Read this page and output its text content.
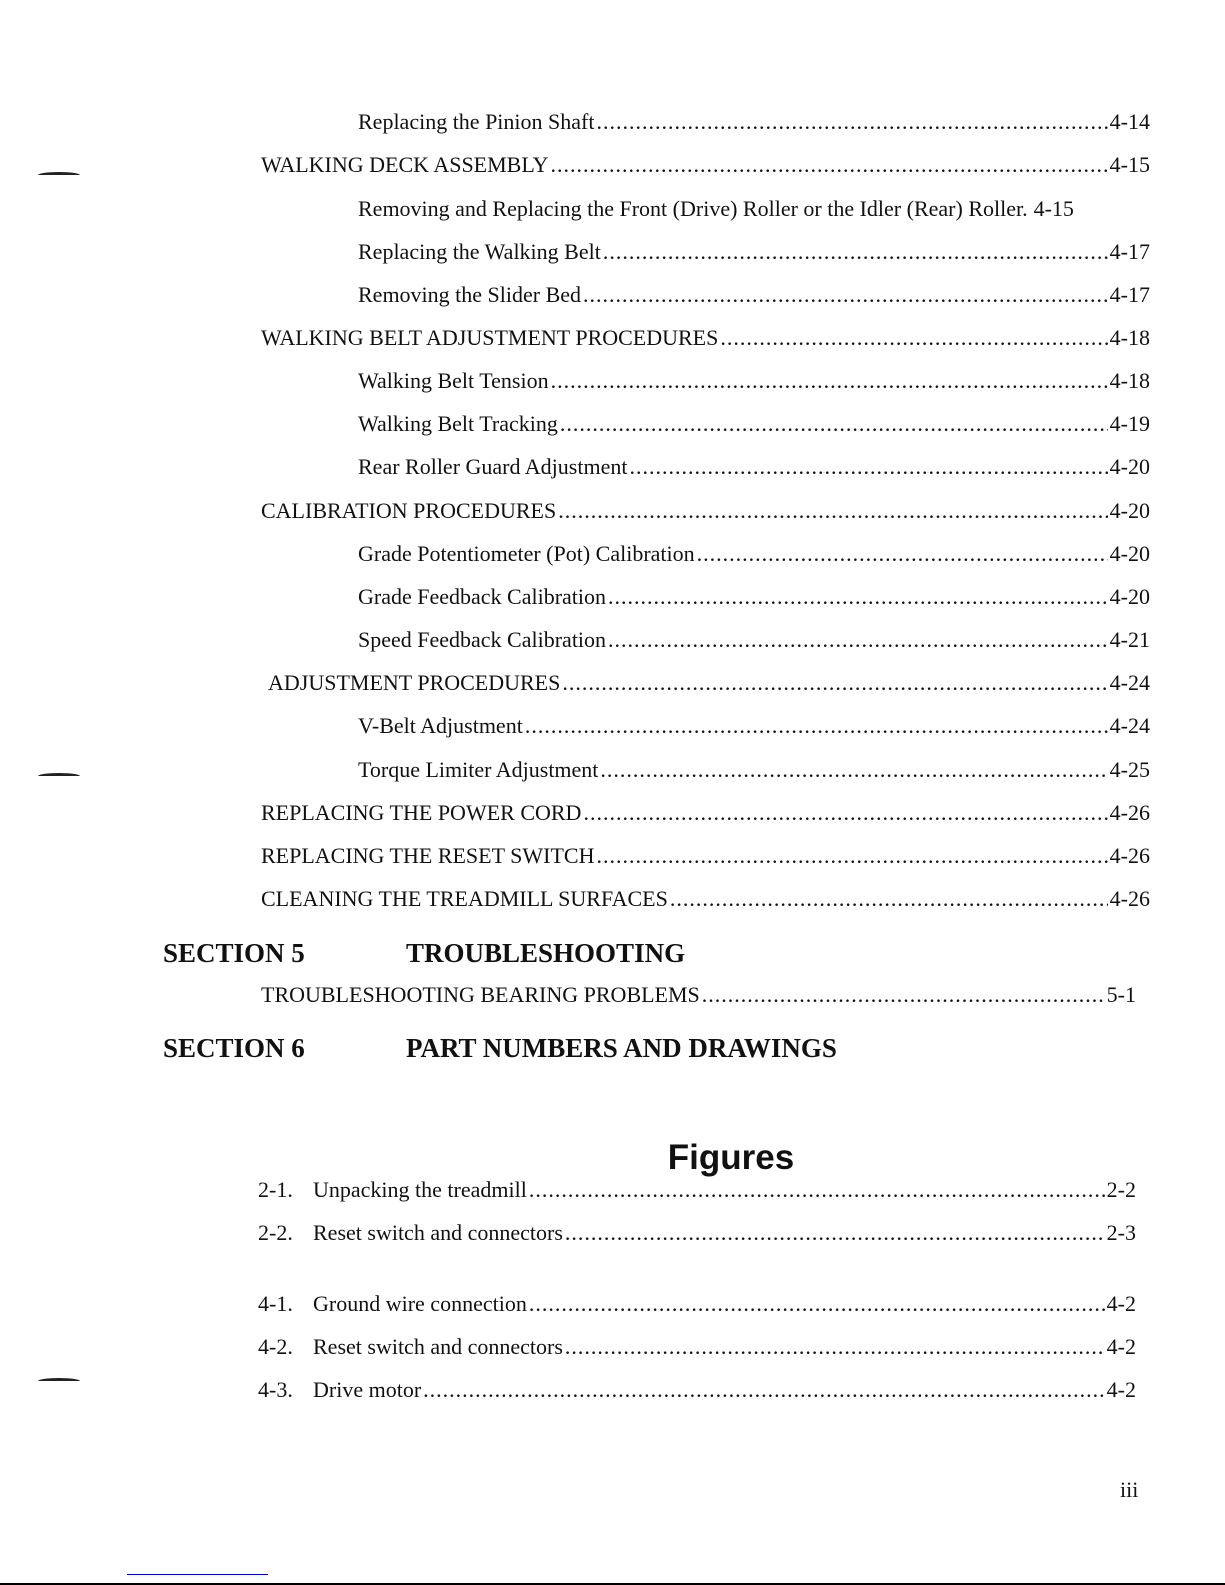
Replacing the Pinion Shaft .....	4-14
WALKING DECK ASSEMBLY .....	4-15
Removing and Replacing the Front (Drive) Roller or the Idler (Rear) Roller. 4-15
Replacing the Walking Belt .....	4-17
Removing the Slider Bed .....	4-17
WALKING BELT ADJUSTMENT PROCEDURES .....	4-18
Walking Belt Tension .....	4-18
Walking Belt Tracking .....	4-19
Rear Roller Guard Adjustment .....	4-20
CALIBRATION PROCEDURES .....	4-20
Grade Potentiometer (Pot) Calibration .....	4-20
Grade Feedback Calibration .....	4-20
Speed Feedback Calibration .....	4-21
ADJUSTMENT PROCEDURES .....	4-24
V-Belt Adjustment .....	4-24
Torque Limiter Adjustment .....	4-25
REPLACING THE POWER CORD .....	4-26
REPLACING THE RESET SWITCH .....	4-26
CLEANING THE TREADMILL SURFACES .....	4-26
SECTION 5	TROUBLESHOOTING
TROUBLESHOOTING BEARING PROBLEMS .....	5-1
SECTION 6	PART NUMBERS AND DRAWINGS
Figures
2-1. Unpacking the treadmill .....	2-2
2-2. Reset switch and connectors .....	2-3
4-1. Ground wire connection .....	4-2
4-2. Reset switch and connectors .....	4-2
4-3. Drive motor .....	4-2
iii
